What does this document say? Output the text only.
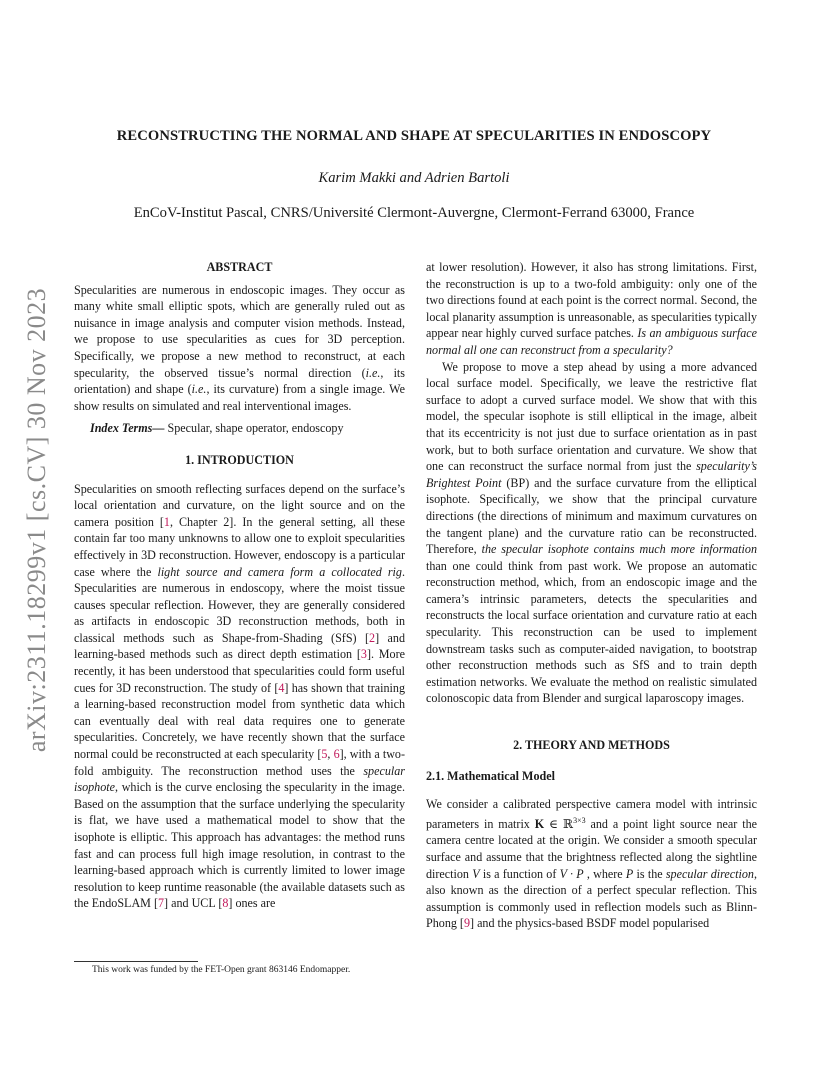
arXiv:2311.18299v1 [cs.CV] 30 Nov 2023
RECONSTRUCTING THE NORMAL AND SHAPE AT SPECULARITIES IN ENDOSCOPY
Karim Makki and Adrien Bartoli
EnCoV-Institut Pascal, CNRS/Université Clermont-Auvergne, Clermont-Ferrand 63000, France

ABSTRACT

Specularities are numerous in endoscopic images. They occur as many white small elliptic spots, which are generally ruled out as nuisance in image analysis and computer vision methods. Instead, we propose to use specularities as cues for 3D perception. Specifically, we propose a new method to reconstruct, at each specularity, the observed tissue’s normal direction (i.e., its orientation) and shape (i.e., its curvature) from a single image. We show results on simulated and real interventional images.

Index Terms— Specular, shape operator, endoscopy

1. INTRODUCTION

Specularities on smooth reflecting surfaces depend on the surface’s local orientation and curvature, on the light source and on the camera position [1, Chapter 2]. In the general setting, all these contain far too many unknowns to allow one to exploit specularities effectively in 3D reconstruction. However, endoscopy is a particular case where the light source and camera form a collocated rig. Specularities are numerous in endoscopy, where the moist tissue causes specular reflection. However, they are generally considered as artifacts in endoscopic 3D reconstruction methods, both in classical methods such as Shape-from-Shading (SfS) [2] and learning-based methods such as direct depth estimation [3]. More recently, it has been understood that specularities could form useful cues for 3D reconstruction. The study of [4] has shown that training a learning-based reconstruction model from synthetic data which can eventually deal with real data requires one to generate specularities. Concretely, we have recently shown that the surface normal could be reconstructed at each specularity [5, 6], with a two-fold ambiguity. The reconstruction method uses the specular isophote, which is the curve enclosing the specularity in the image. Based on the assumption that the surface underlying the specularity is flat, we have used a mathematical model to show that the isophote is elliptic. This approach has advantages: the method runs fast and can process full high image resolution, in contrast to the learning-based approach which is currently limited to lower image resolution to keep runtime reasonable (the available datasets such as the EndoSLAM [7] and UCL [8] ones are

at lower resolution). However, it also has strong limitations. First, the reconstruction is up to a two-fold ambiguity: only one of the two directions found at each point is the correct normal. Second, the local planarity assumption is unreasonable, as specularities typically appear near highly curved surface patches. Is an ambiguous surface normal all one can reconstruct from a specularity?

We propose to move a step ahead by using a more advanced local surface model. Specifically, we leave the restrictive flat surface to adopt a curved surface model. We show that with this model, the specular isophote is still elliptical in the image, albeit that its eccentricity is not just due to surface orientation as in past work, but to both surface orientation and curvature. We show that one can reconstruct the surface normal from just the specularity’s Brightest Point (BP) and the surface curvature from the elliptical isophote. Specifically, we show that the principal curvature directions (the directions of minimum and maximum curvatures on the tangent plane) and the curvature ratio can be reconstructed. Therefore, the specular isophote contains much more information than one could think from past work. We propose an automatic reconstruction method, which, from an endoscopic image and the camera’s intrinsic parameters, detects the specularities and reconstructs the local surface orientation and curvature ratio at each specularity. This reconstruction can be used to implement downstream tasks such as computer-aided navigation, to bootstrap other reconstruction methods such as SfS and to train depth estimation networks. We evaluate the method on realistic simulated colonoscopic data from Blender and surgical laparoscopy images.

2. THEORY AND METHODS

2.1. Mathematical Model

We consider a calibrated perspective camera model with intrinsic parameters in matrix K ∈ ℝ$^{3\times 3}$ and a point light source near the camera centre located at the origin. We consider a smooth specular surface and assume that the brightness reflected along the sightline direction V is a function of V · P , where P is the specular direction, also known as the direction of a perfect specular reflection. This assumption is commonly used in reflection models such as Blinn-Phong [9] and the physics-based BSDF model popularised

This work was funded by the FET-Open grant 863146 Endomapper.
